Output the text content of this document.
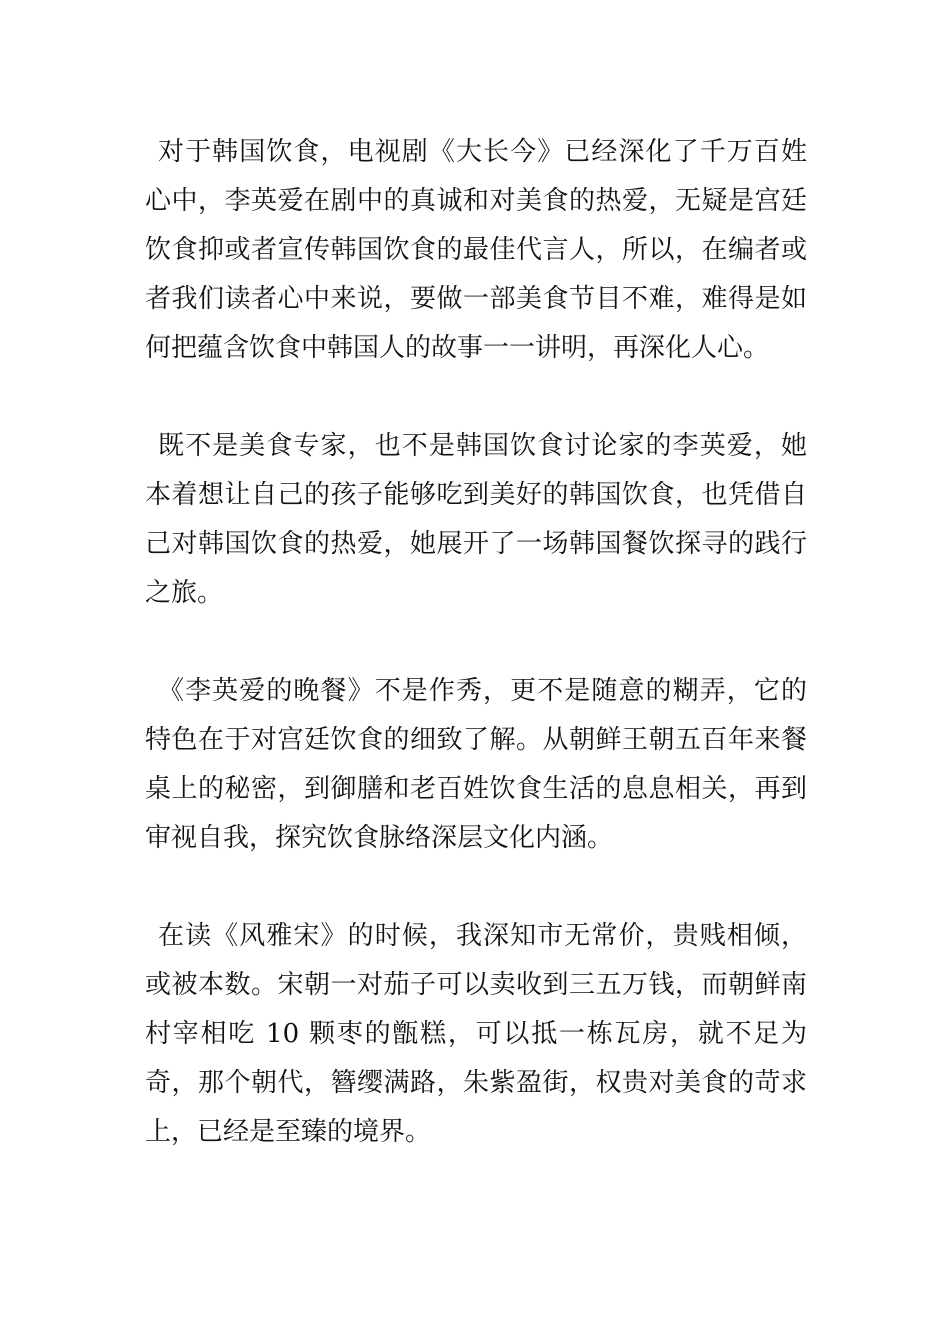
对于韩国饮食，电视剧《大长今》已经深化了千万百姓心中，李英爱在剧中的真诚和对美食的热爱，无疑是宫廷饮食抑或者宣传韩国饮食的最佳代言人，所以，在编者或者我们读者心中来说，要做一部美食节目不难，难得是如何把蕴含饮食中韩国人的故事一一讲明，再深化人心。

既不是美食专家，也不是韩国饮食讨论家的李英爱，她本着想让自己的孩子能够吃到美好的韩国饮食，也凭借自己对韩国饮食的热爱，她展开了一场韩国餐饮探寻的践行之旅。

《李英爱的晚餐》不是作秀，更不是随意的糊弄，它的特色在于对宫廷饮食的细致了解。从朝鲜王朝五百年来餐桌上的秘密，到御膳和老百姓饮食生活的息息相关，再到审视自我，探究饮食脉络深层文化内涵。

在读《风雅宋》的时候，我深知市无常价，贵贱相倾，或被本数。宋朝一对茄子可以卖收到三五万钱，而朝鲜南村宰相吃 10 颗枣的甑糕，可以抵一栋瓦房，就不足为奇，那个朝代，簪缨满路，朱紫盈街，权贵对美食的苛求上，已经是至臻的境界。
